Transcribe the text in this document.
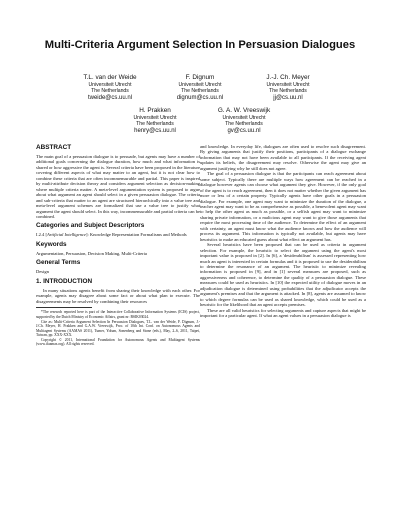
Multi-Criteria Argument Selection In Persuasion Dialogues
T.L. van der Weide
Universiteit Utrecht
The Netherlands
tweide@cs.uu.nl
F. Dignum
Universiteit Utrecht
The Netherlands
dignum@cs.uu.nl
J.-J. Ch. Meyer
Universiteit Utrecht
The Netherlands
jj@cs.uu.nl
H. Prakken
Universiteit Utrecht
The Netherlands
henry@cs.uu.nl
G. A. W. Vreeswijk
Universiteit Utrecht
The Netherlands
gv@cs.uu.nl
ABSTRACT
The main goal of a persuasion dialogue is to persuade, but agents may have a number of additional goals concerning the dialogue duration, how much and what information is shared or how aggressive the agent is. Several criteria have been proposed in the literature covering different aspects of what may matter to an agent, but it is not clear how to combine these criteria that are often incommensurable and partial. This paper is inspired by multi-attribute decision theory and considers argument selection as decision-making where multiple criteria matter. A meta-level argumentation system is proposed to argue about what argument an agent should select in a given persuasion dialogue. The criteria and sub-criteria that matter to an agent are structured hierarchically into a value tree and meta-level argument schemes are formalized that use a value tree to justify what argument the agent should select. In this way, incommensurable and partial criteria can be combined.
Categories and Subject Descriptors
I.2.4 [Artificial Intelligence]: Knowledge Representation Formalisms and Methods
Keywords
Argumentation, Persuasion, Decision Making, Multi-Criteria
General Terms
Design
1. INTRODUCTION
In many situations agents benefit from sharing their knowledge with each other. For example, agents may disagree about some fact or about what plan to execute. The disagreements may be resolved by combining their resources
*The research reported here is part of the Interactive Collaborative Information Systems (ICIS) project, supported by the Dutch Ministry of Economic Affairs, grant nr: BSIK03024.
Cite as: Multi-Criteria Argument Selection In Persuasion Dialogues, T.L. van der Weide, F. Dignum, J.-J.Ch. Meyer, H. Prakken and G.A.W. Vreeswijk, Proc. of 10th Int. Conf. on Autonomous Agents and Multiagent Systems (AAMAS 2011), Tumer, Yolum, Sonenberg and Stone (eds.), May, 2–6, 2011, Taipei, Taiwan, pp. XXX-XXX.
Copyright © 2011, International Foundation for Autonomous Agents and Multiagent Systems (www.ifaamas.org). All rights reserved.
and knowledge. In everyday life, dialogues are often used to resolve such disagreement. By giving arguments that justify their positions, participants of a dialogue exchange information that may not have been available to all participants. If the receiving agent updates its beliefs, the disagreement may resolve. Otherwise the agent may give an argument justifying why he still does not agree.
The goal of a persuasion dialogue is that the participants can reach agreement about some subject. Typically there are multiple ways how agreement can be reached in a dialogue however agents can choose what argument they give. However, if the only goal of the agent is to reach agreement, then it does not matter whether the given argument has more or less of a certain property. Typically agents have other goals in a persuasion dialogue. For example, one agent may want to minimize the duration of the dialogue, a teacher agent may want to be as comprehensive as possible, a benevolent agent may want to help the other agent as much as possible, or a selfish agent may want to minimize sharing private information, or a malicious agent may want to give those arguments that require the most processing time of the audience. To determine the effect of an argument with certainty, an agent must know what the audience knows and how the audience will process its argument. This information is typically not available, but agents may have heuristics to make an educated guess about what effect an argument has.
Several heuristics have been proposed that can be used as criteria in argument selection. For example, the heuristic to select the argument using the agent's most important value is proposed in [2]. In [6], a 'desiderabilism' is assessed representing how much an agent is interested in certain formulas and it is proposed to use the desiderabilism to determine the resonance of an argument. The heuristic to minimize revealing information is proposed in [9], and in [1] several measures are proposed, such as aggressiveness and coherence, to determine the quality of a persuasion dialogue. These measures could be used as heuristics. In [10] the expected utility of dialogue moves in an adjudication dialogue is determined using probabilities that the adjudicator accepts the argument's premises and that the argument is attacked. In [8], agents are assumed to know to which degree formulas can be used as shared knowledge, which could be used as a heuristic for the likelihood that an agent accepts premises.
These are all valid heuristics for selecting arguments and capture aspects that might be important for a particular agent. If what an agent values in a persuasion dialogue is
